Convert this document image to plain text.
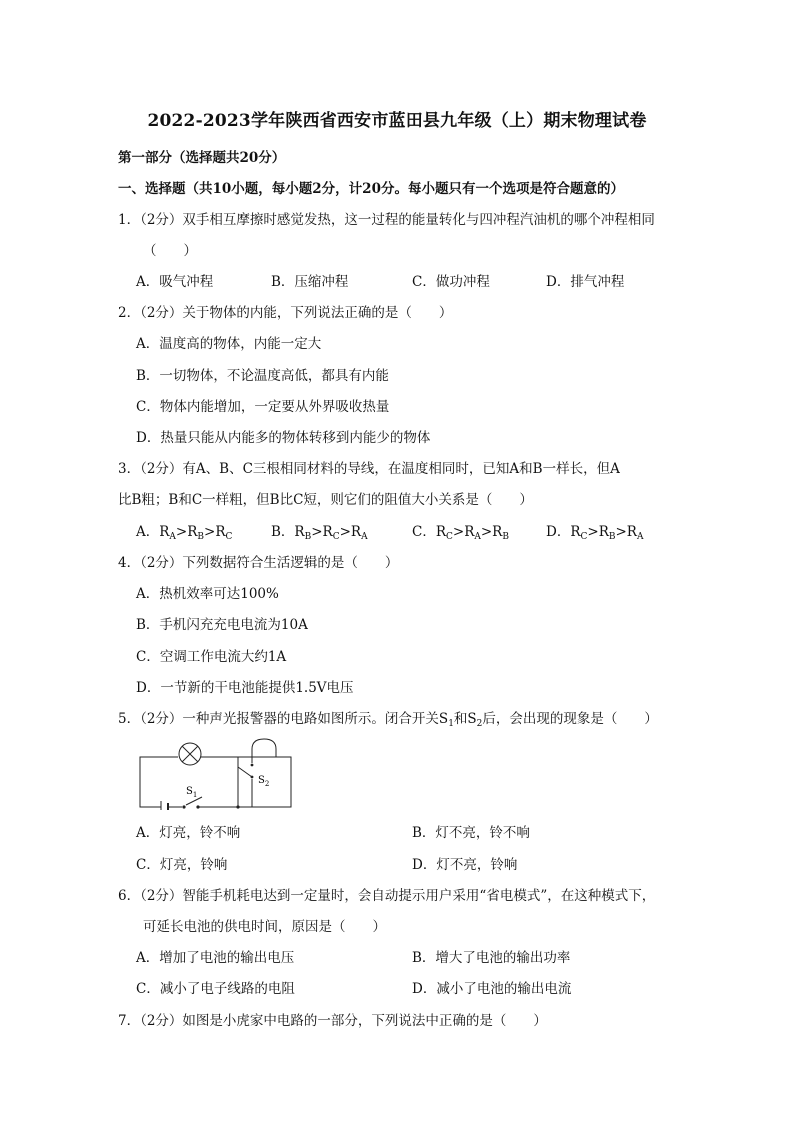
2022-2023学年陕西省西安市蓝田县九年级（上）期末物理试卷
第一部分（选择题共20分）
一、选择题（共10小题，每小题2分，计20分。每小题只有一个选项是符合题意的）
1．（2分）双手相互摩擦时感觉发热，这一过程的能量转化与四冲程汽油机的哪个冲程相同
（　　）
A．吸气冲程	B．压缩冲程	C．做功冲程	D．排气冲程
2．（2分）关于物体的内能，下列说法正确的是（　　）
A．温度高的物体，内能一定大
B．一切物体，不论温度高低，都具有内能
C．物体内能增加，一定要从外界吸收热量
D．热量只能从内能多的物体转移到内能少的物体
3．（2分）有A、B、C三根相同材料的导线，在温度相同时，已知A和B一样长，但A
比B粗；B和C一样粗，但B比C短，则它们的阻值大小关系是（　　）
A．$R_A>R_B>R_C$	B．$R_B>R_C>R_A$	C．$R_C>R_A>R_B$	D．$R_C>R_B>R_A$
4．（2分）下列数据符合生活逻辑的是（　　）
A．热机效率可达100%
B．手机闪充充电电流为10A
C．空调工作电流大约1A
D．一节新的干电池能提供1.5V电压
5．（2分）一种声光报警器的电路如图所示。闭合开关$S_1$和$S_2$后，会出现的现象是（　　）
$S_1$
$S_2$
A．灯亮，铃不响	B．灯不亮，铃不响
C．灯亮，铃响	D．灯不亮，铃响
6．（2分）智能手机耗电达到一定量时，会自动提示用户采用“省电模式”，在这种模式下，
可延长电池的供电时间，原因是（　　）
A．增加了电池的输出电压	B．增大了电池的输出功率
C．减小了电子线路的电阻	D．减小了电池的输出电流
7．（2分）如图是小虎家中电路的一部分，下列说法中正确的是（　　）
